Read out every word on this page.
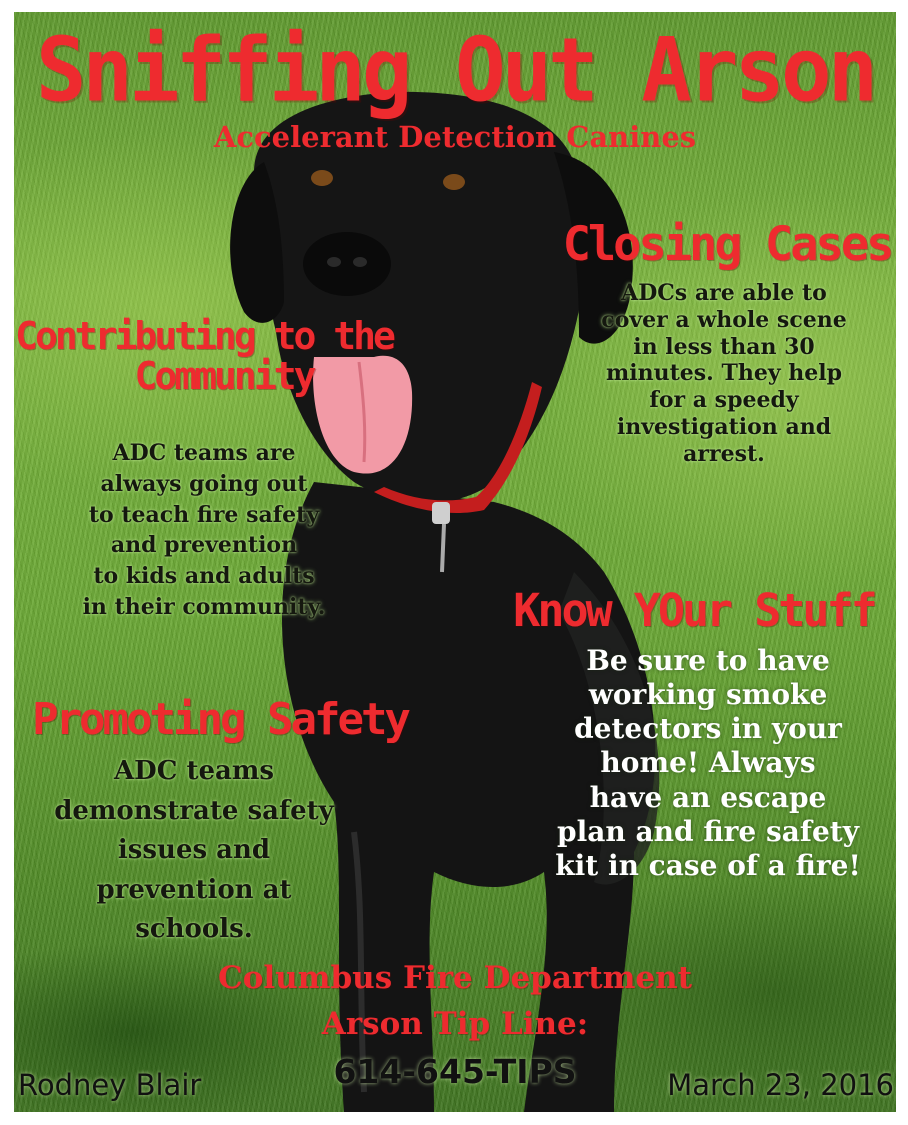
Sniffing Out Arson
Accelerant Detection Canines
Closing Cases
ADCs are able to
cover a whole scene
in less than 30
minutes. They help
for a speedy
investigation and
arrest.
Contributing to the
Community
ADC teams are
always going out
to teach fire safety
and prevention
to kids and adults
in their community.	Know YOur Stuff
Be sure to have
working smoke
detectors in your
home! Always
have an escape
plan and fire safety
kit in case of a fire!
Promoting Safety
ADC teams
demonstrate safety
issues and
prevention at
schools.
Columbus Fire Department
Arson Tip Line:
614-645-TIPS
Rodney Blair	March 23, 2016
